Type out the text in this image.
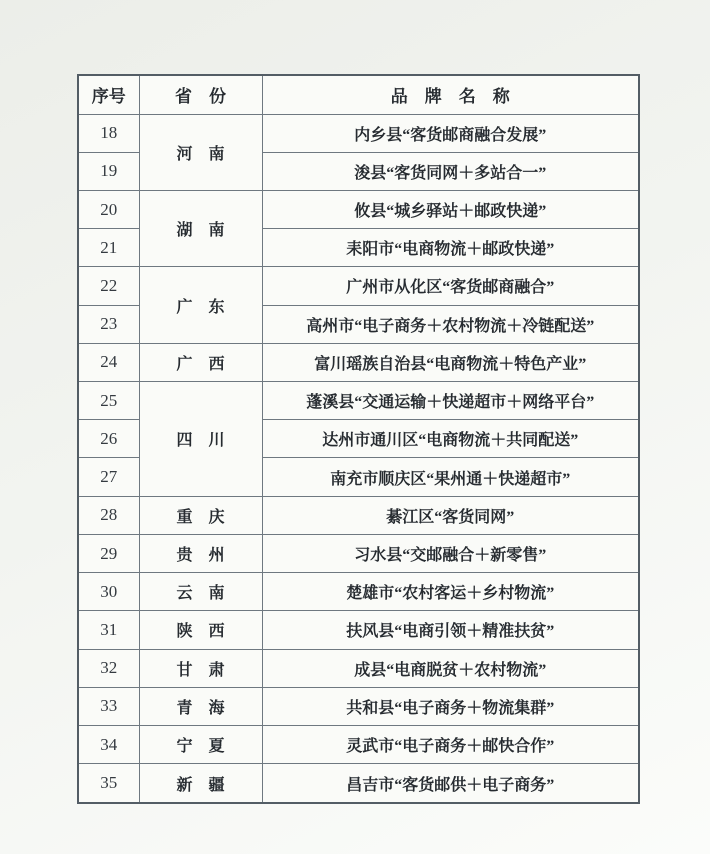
序号	省　份	品　牌　名　称
18	河　南	内乡县“客货邮商融合发展”
19		浚县“客货同网＋多站合一”
20	湖　南	攸县“城乡驿站＋邮政快递”
21		耒阳市“电商物流＋邮政快递”
22	广　东	广州市从化区“客货邮商融合”
23		高州市“电子商务＋农村物流＋冷链配送”
24	广　西	富川瑶族自治县“电商物流＋特色产业”
25	四　川	蓬溪县“交通运输＋快递超市＋网络平台”
26		达州市通川区“电商物流＋共同配送”
27		南充市顺庆区“果州通＋快递超市”
28	重　庆	綦江区“客货同网”
29	贵　州	习水县“交邮融合＋新零售”
30	云　南	楚雄市“农村客运＋乡村物流”
31	陕　西	扶风县“电商引领＋精准扶贫”
32	甘　肃	成县“电商脱贫＋农村物流”
33	青　海	共和县“电子商务＋物流集群”
34	宁　夏	灵武市“电子商务＋邮快合作”
35	新　疆	昌吉市“客货邮供＋电子商务”
